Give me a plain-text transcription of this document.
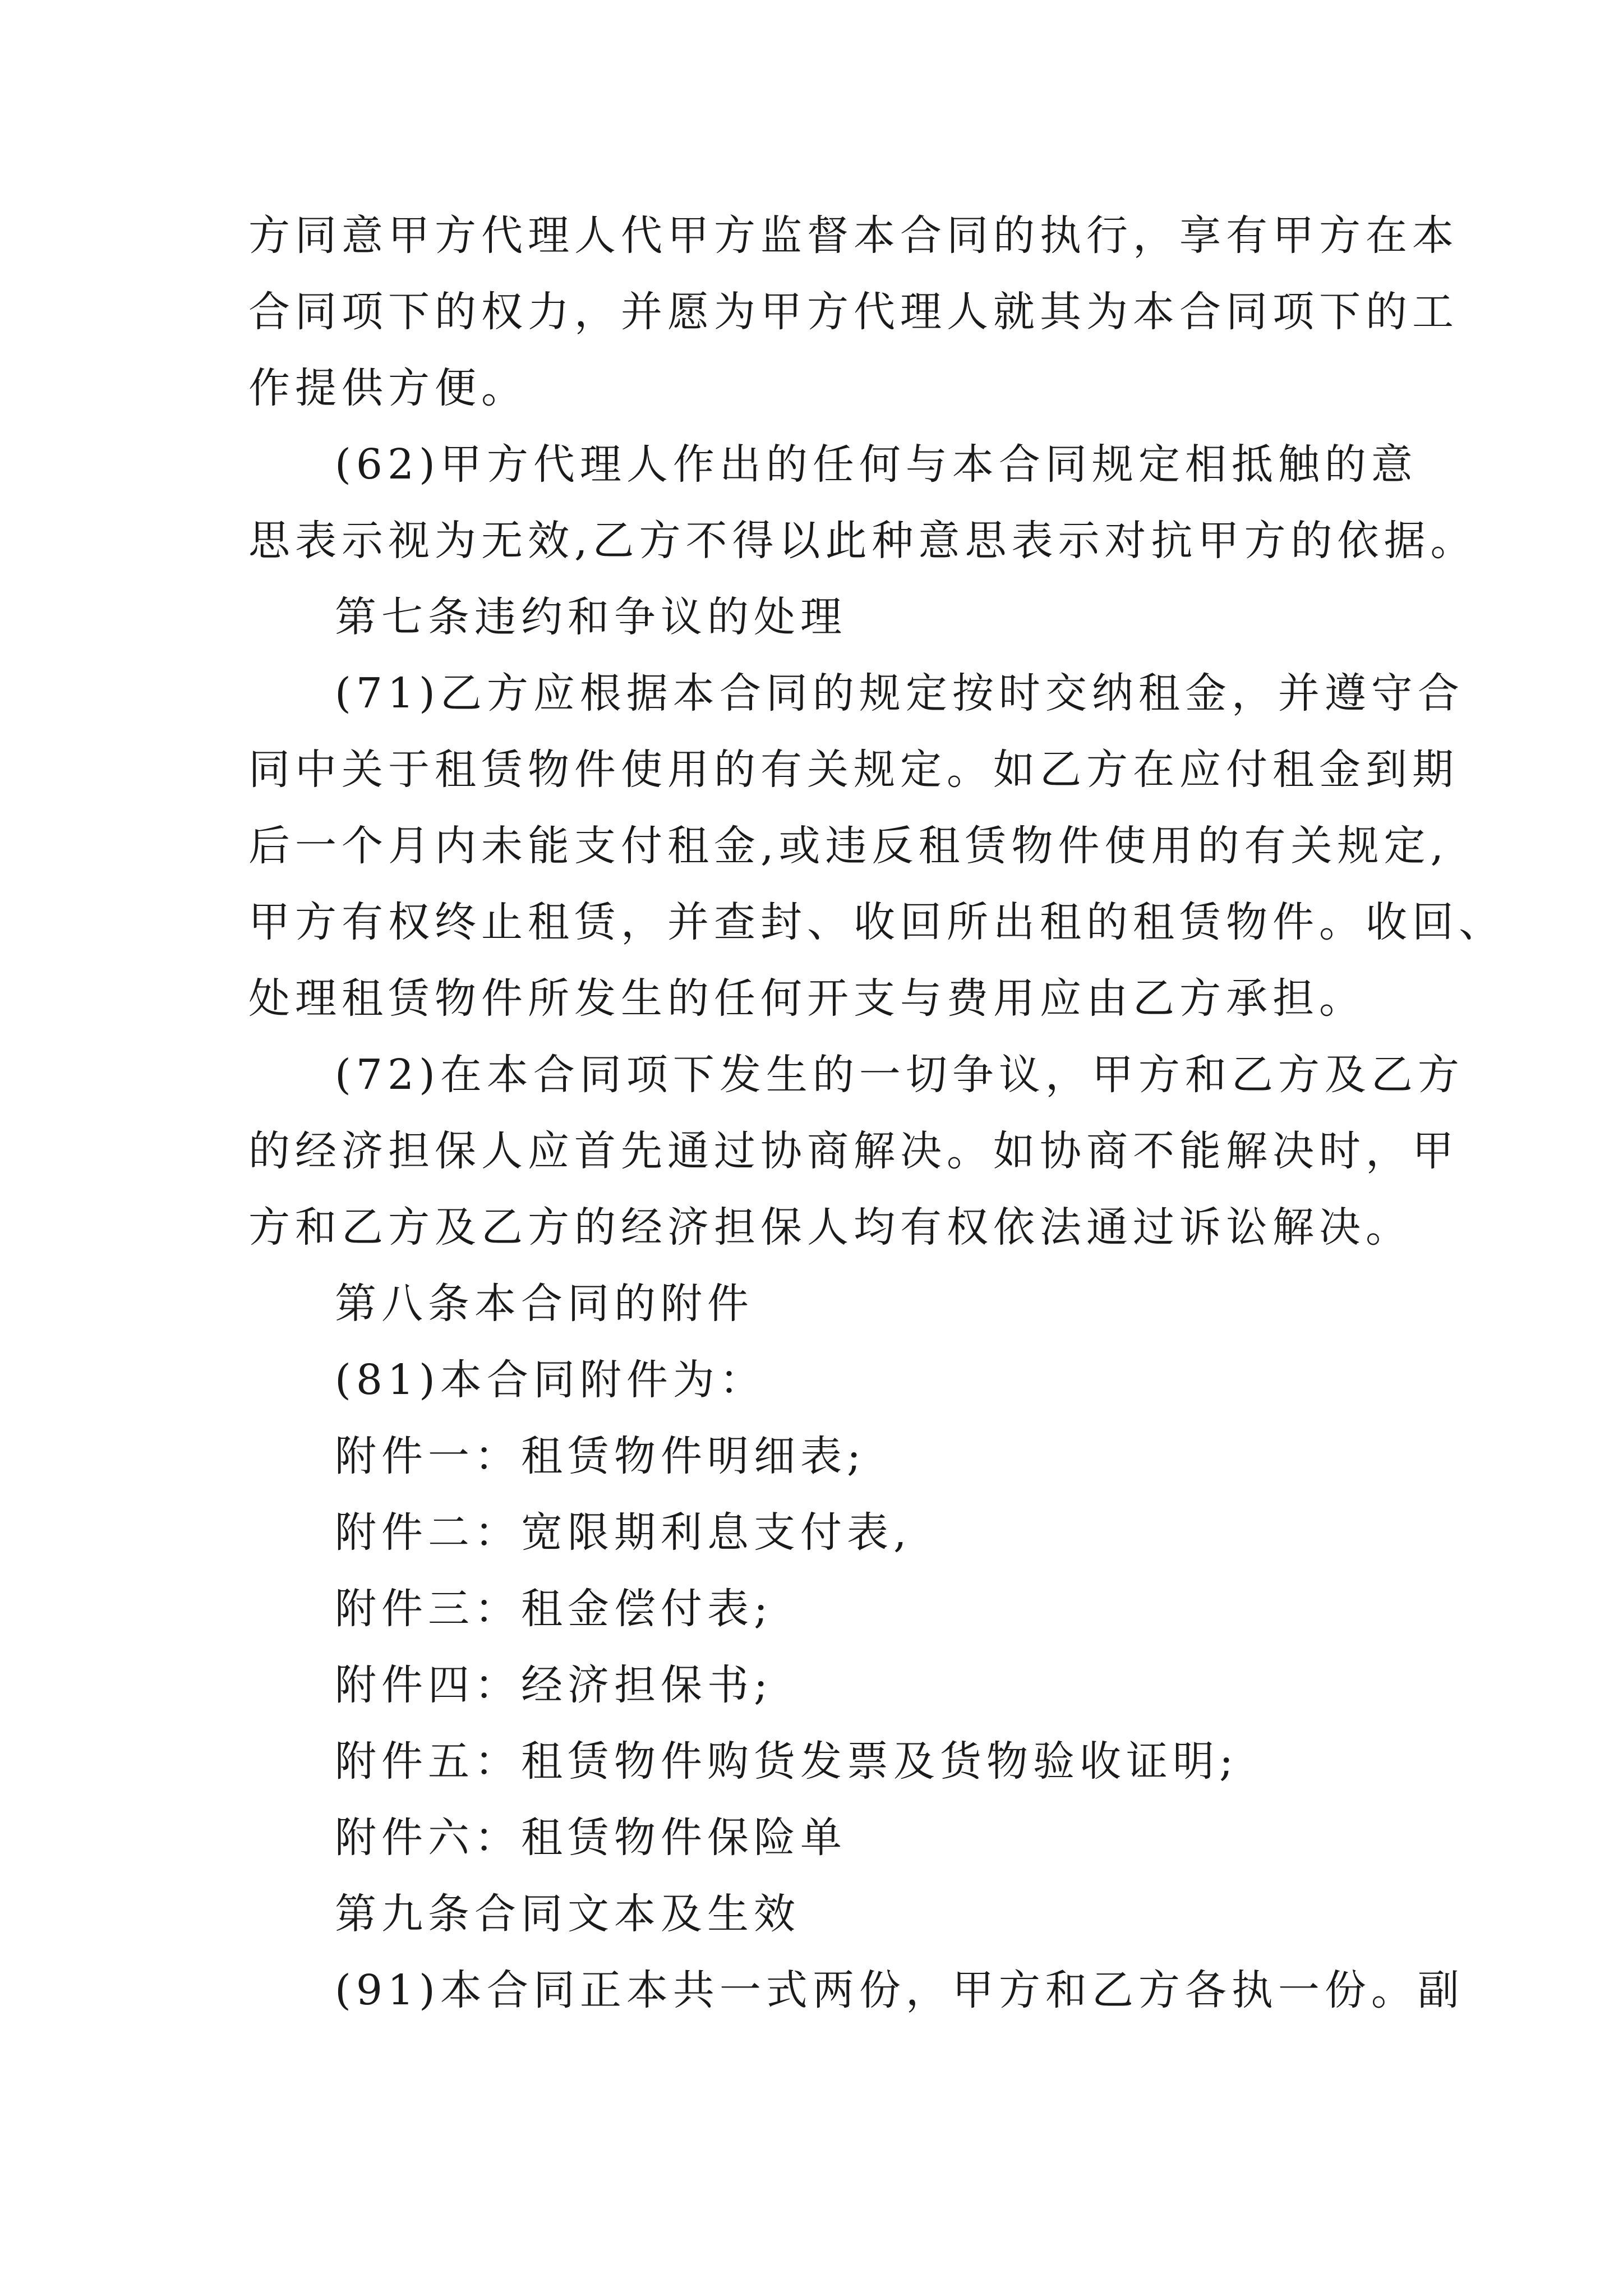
方同意甲方代理人代甲方监督本合同的执行，享有甲方在本
合同项下的权力，并愿为甲方代理人就其为本合同项下的工
作提供方便。
(62)甲方代理人作出的任何与本合同规定相抵触的意
思表示视为无效,乙方不得以此种意思表示对抗甲方的依据。
第七条违约和争议的处理
(71)乙方应根据本合同的规定按时交纳租金，并遵守合
同中关于租赁物件使用的有关规定。如乙方在应付租金到期
后一个月内未能支付租金,或违反租赁物件使用的有关规定,
甲方有权终止租赁，并查封、收回所出租的租赁物件。收回、
处理租赁物件所发生的任何开支与费用应由乙方承担。
(72)在本合同项下发生的一切争议，甲方和乙方及乙方
的经济担保人应首先通过协商解决。如协商不能解决时，甲
方和乙方及乙方的经济担保人均有权依法通过诉讼解决。
第八条本合同的附件
(81)本合同附件为：
附件一：租赁物件明细表;
附件二：宽限期利息支付表,
附件三：租金偿付表;
附件四：经济担保书;
附件五：租赁物件购货发票及货物验收证明;
附件六：租赁物件保险单
第九条合同文本及生效
(91)本合同正本共一式两份，甲方和乙方各执一份。副
